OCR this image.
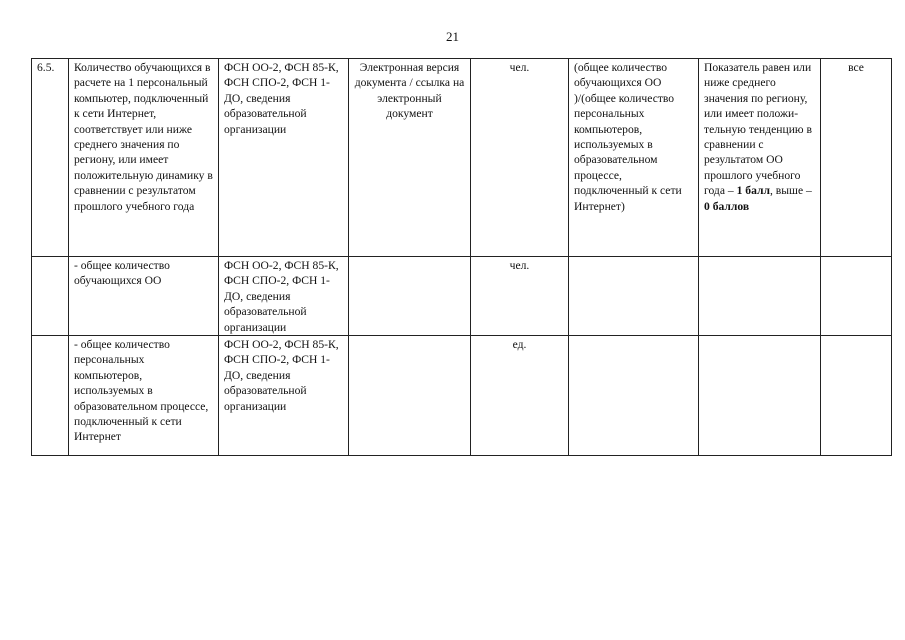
21
6.5.	Количество обучающихся в расчете на 1 персональный компьютер, подключенный к сети Интернет, соответствует или ниже среднего значения по региону, или имеет положительную динамику в сравнении с результатом прошлого учебного года	ФСН ОО-2, ФСН 85-К, ФСН СПО-2, ФСН 1-ДО, сведения образовательной организации	Электронная версия документа / ссылка на электронный документ	чел.	(общее количество обучающихся ОО )/(общее количество персональных компьютеров, используемых в образовательном процессе, подключенный к сети Интернет)	Показатель равен или ниже среднего значения по региону, или имеет положи-тельную тенденцию в сравнении с результатом ОО прошлого учебного года – 1 балл, выше – 0 баллов	все
	- общее количество обучающихся ОО	ФСН ОО-2, ФСН 85-К, ФСН СПО-2, ФСН 1-ДО, сведения образовательной организации		чел.			
	- общее количество персональных компьютеров, используемых в образовательном процессе, подключенный к сети Интернет	ФСН ОО-2, ФСН 85-К, ФСН СПО-2, ФСН 1-ДО, сведения образовательной организации		ед.			
